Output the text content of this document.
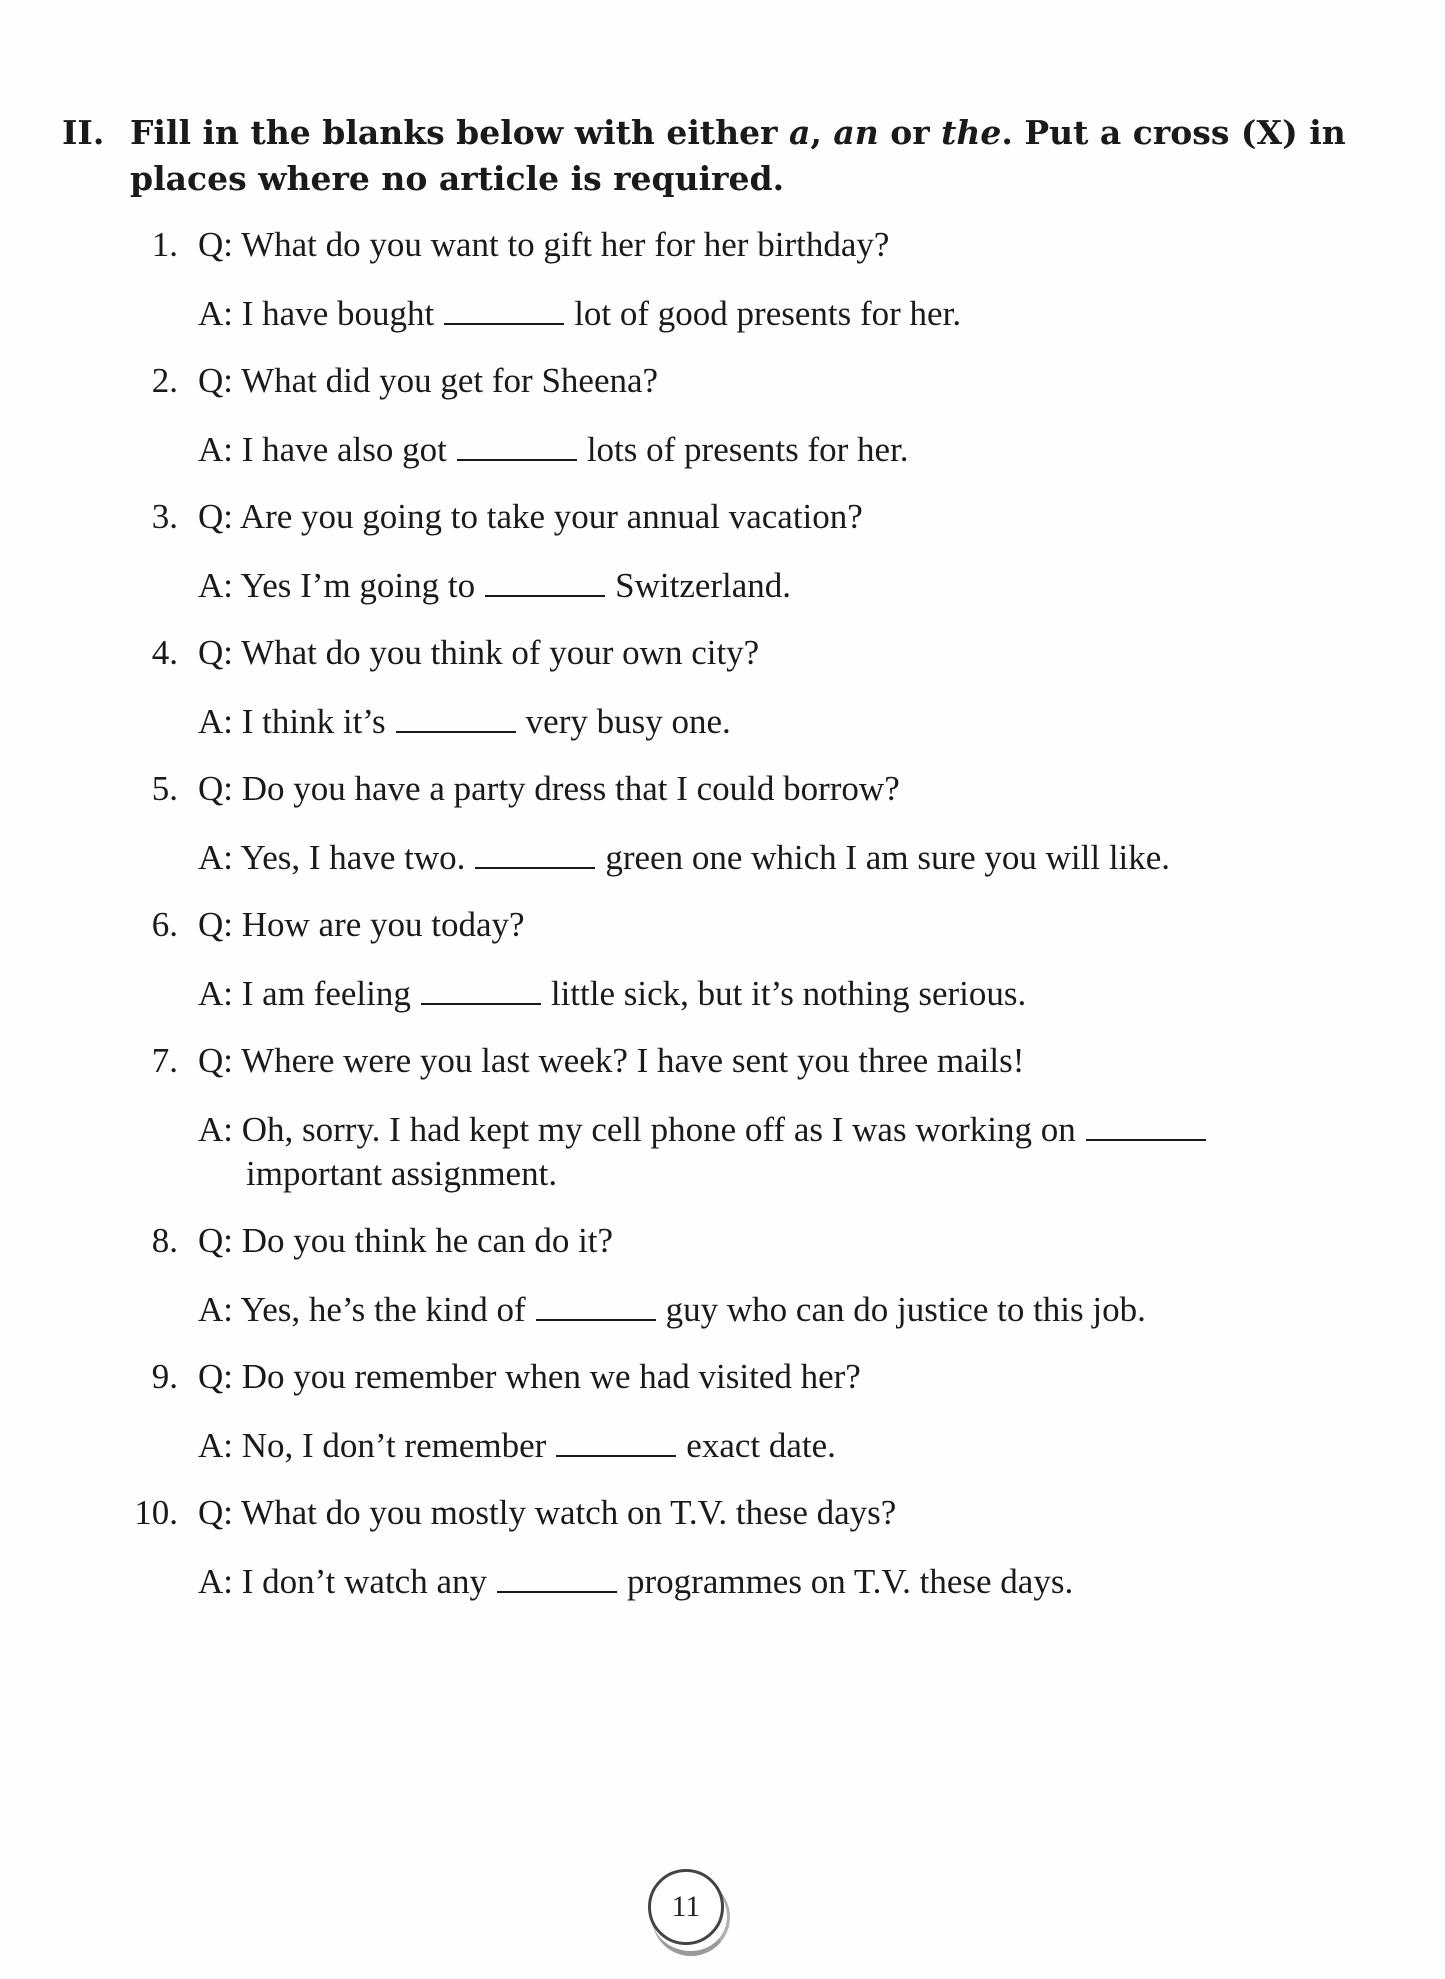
II. Fill in the blanks below with either a, an or the. Put a cross (X) in places where no article is required.
1. Q: What do you want to gift her for her birthday?
A: I have bought	lot of good presents for her.
2. Q: What did you get for Sheena?
A: I have also got	lots of presents for her.
3. Q: Are you going to take your annual vacation?
A: Yes I’m going to	Switzerland.
4. Q: What do you think of your own city?
A: I think it’s	very busy one.
5. Q: Do you have a party dress that I could borrow?
A: Yes, I have two.	green one which I am sure you will like.
6. Q: How are you today?
A: I am feeling	little sick, but it’s nothing serious.
7. Q: Where were you last week? I have sent you three mails!
A: Oh, sorry. I had kept my cell phone off as I was working on
important assignment.
8. Q: Do you think he can do it?
A: Yes, he’s the kind of	guy who can do justice to this job.
9. Q: Do you remember when we had visited her?
A: No, I don’t remember	exact date.
10. Q: What do you mostly watch on T.V. these days?
A: I don’t watch any	programmes on T.V. these days.
11
